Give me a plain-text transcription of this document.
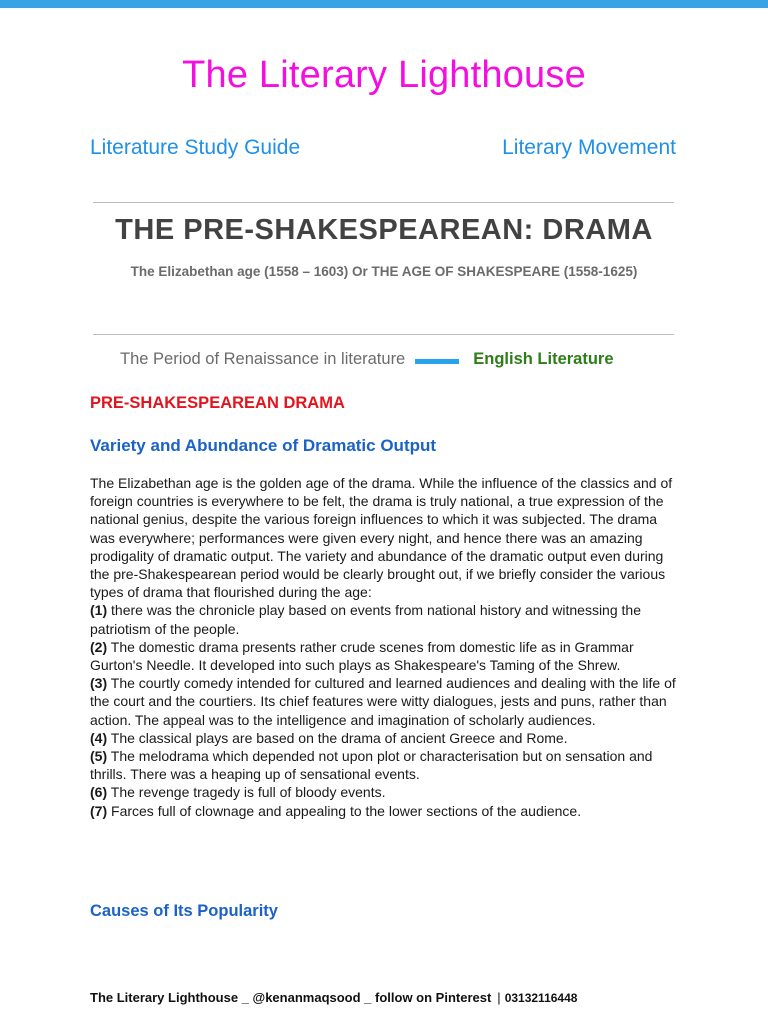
The Literary Lighthouse
Literature Study Guide	Literary Movement
THE PRE-SHAKESPEAREAN: DRAMA
The Elizabethan age (1558 – 1603) Or THE AGE OF SHAKESPEARE (1558-1625)
The Period of Renaissance in literature	English Literature
PRE-SHAKESPEAREAN DRAMA
Variety and Abundance of Dramatic Output

The Elizabethan age is the golden age of the drama. While the influence of the classics and of foreign countries is everywhere to be felt, the drama is truly national, a true expression of the national genius, despite the various foreign influences to which it was subjected. The drama was everywhere; performances were given every night, and hence there was an amazing prodigality of dramatic output. The variety and abundance of the dramatic output even during the pre-Shakespearean period would be clearly brought out, if we briefly consider the various types of drama that flourished during the age:

(1) there was the chronicle play based on events from national history and witnessing the patriotism of the people.

(2) The domestic drama presents rather crude scenes from domestic life as in Grammar Gurton's Needle. It developed into such plays as Shakespeare's Taming of the Shrew.

(3) The courtly comedy intended for cultured and learned audiences and dealing with the life of the court and the courtiers. Its chief features were witty dialogues, jests and puns, rather than action. The appeal was to the intelligence and imagination of scholarly audiences.

(4) The classical plays are based on the drama of ancient Greece and Rome.

(5) The melodrama which depended not upon plot or characterisation but on sensation and thrills. There was a heaping up of sensational events.

(6) The revenge tragedy is full of bloody events.

(7) Farces full of clownage and appealing to the lower sections of the audience.

Causes of Its Popularity
The Literary Lighthouse _ @kenanmaqsood _ follow on Pinterest | 03132116448
